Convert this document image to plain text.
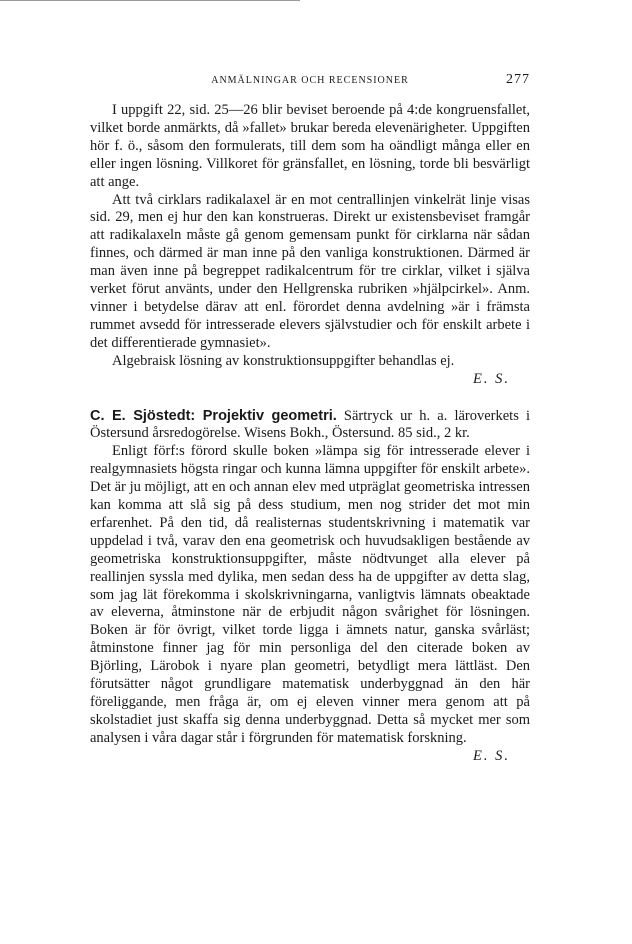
ANMÄLNINGAR OCH RECENSIONER	277

I uppgift 22, sid. 25—26 blir beviset beroende på 4:de kongruensfallet, vilket borde anmärkts, då »fallet» brukar bereda elevenärigheter. Uppgiften hör f. ö., såsom den formulerats, till dem som ha oändligt många eller en eller ingen lösning. Villkoret för gränsfallet, en lösning, torde bli besvärligt att ange.

Att två cirklars radikalaxel är en mot centrallinjen vinkelrät linje visas sid. 29, men ej hur den kan konstrueras. Direkt ur existensbeviset framgår att radikalaxeln måste gå genom gemensam punkt för cirklarna när sådan finnes, och därmed är man inne på den vanliga konstruktionen. Därmed är man även inne på begreppet radikalcentrum för tre cirklar, vilket i själva verket förut använts, under den Hellgrenska rubriken »hjälpcirkel». Anm. vinner i betydelse därav att enl. förordet denna avdelning »är i främsta rummet avsedd för intresserade elevers självstudier och för enskilt arbete i det differentierade gymnasiet».

Algebraisk lösning av konstruktionsuppgifter behandlas ej.

E. S.

C. E. Sjöstedt: Projektiv geometri. Särtryck ur h. a. läroverkets i Östersund årsredogörelse. Wisens Bokh., Östersund. 85 sid., 2 kr.

Enligt förf:s förord skulle boken »lämpa sig för intresserade elever i realgymnasiets högsta ringar och kunna lämna uppgifter för enskilt arbete». Det är ju möjligt, att en och annan elev med utpräglat geometriska intressen kan komma att slå sig på dess studium, men nog strider det mot min erfarenhet. På den tid, då realisternas studentskrivning i matematik var uppdelad i två, varav den ena geometrisk och huvudsakligen bestående av geometriska konstruktionsuppgifter, måste nödtvunget alla elever på reallinjen syssla med dylika, men sedan dess ha de uppgifter av detta slag, som jag lät förekomma i skolskrivningarna, vanligtvis lämnats obeaktade av eleverna, åtminstone när de erbjudit någon svårighet för lösningen. Boken är för övrigt, vilket torde ligga i ämnets natur, ganska svårläst; åtminstone finner jag för min personliga del den citerade boken av Björling, Lärobok i nyare plan geometri, betydligt mera lättläst. Den förutsätter något grundligare matematisk underbyggnad än den här föreliggande, men fråga är, om ej eleven vinner mera genom att på skolstadiet just skaffa sig denna underbyggnad. Detta så mycket mer som analysen i våra dagar står i förgrunden för matematisk forskning.

E. S.
